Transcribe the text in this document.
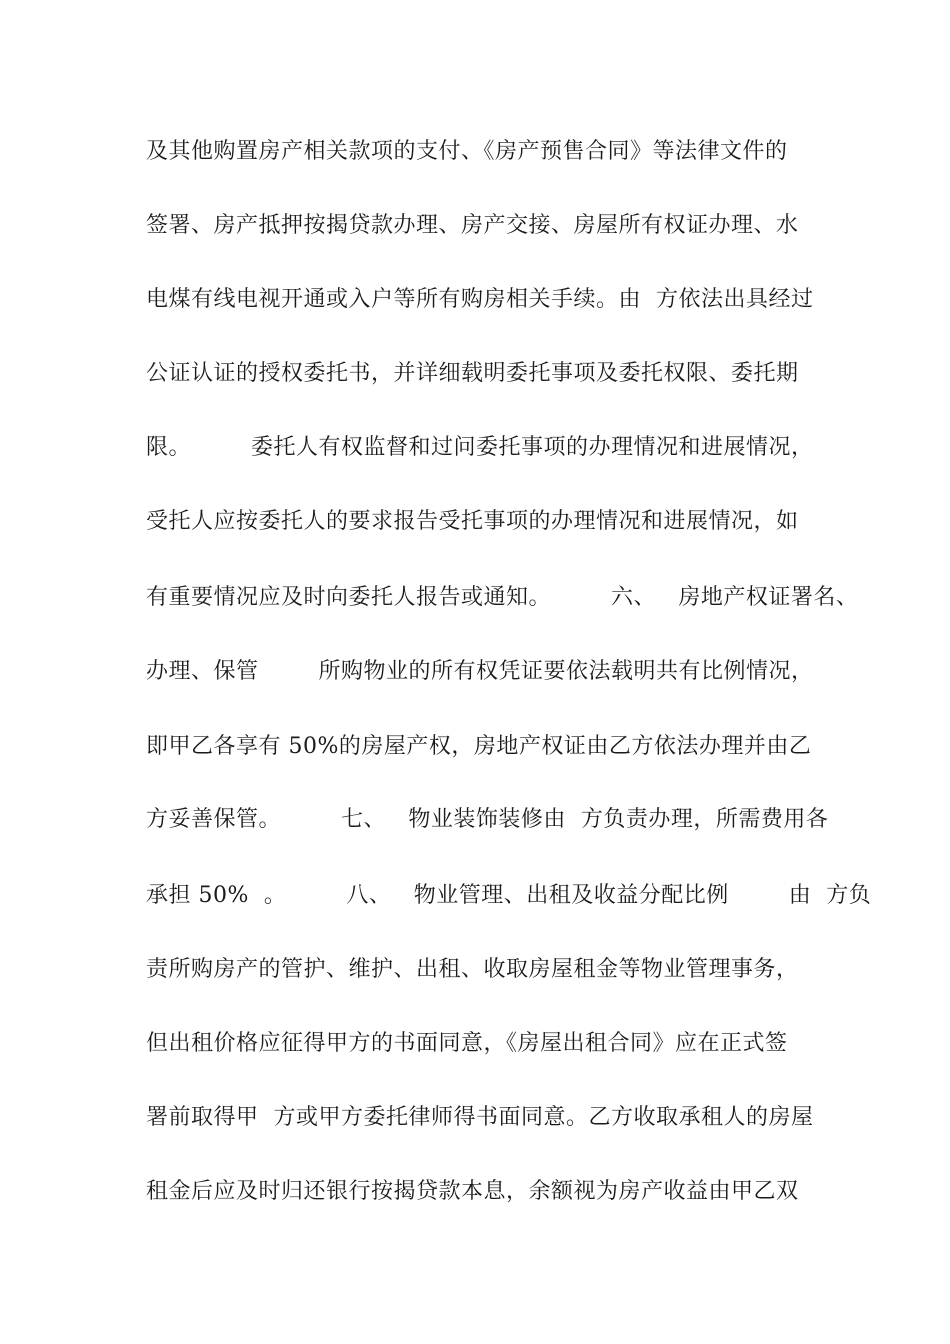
及其他购置房产相关款项的支付、《房产预售合同》等法律文件的
签署、房产抵押按揭贷款办理、房产交接、房屋所有权证办理、水
电煤有线电视开通或入户等所有购房相关手续。由  方依法出具经过
公证认证的授权委托书，并详细载明委托事项及委托权限、委托期
限。        委托人有权监督和过问委托事项的办理情况和进展情况，
受托人应按委托人的要求报告受托事项的办理情况和进展情况，如
有重要情况应及时向委托人报告或通知。        六、   房地产权证署名、
办理、保管        所购物业的所有权凭证要依法载明共有比例情况，
即甲乙各享有 50%的房屋产权，房地产权证由乙方依法办理并由乙
方妥善保管。        七、   物业装饰装修由  方负责办理，所需费用各
承担 50%  。        八、   物业管理、出租及收益分配比例        由  方负
责所购房产的管护、维护、出租、收取房屋租金等物业管理事务，
但出租价格应征得甲方的书面同意，《房屋出租合同》应在正式签
署前取得甲  方或甲方委托律师得书面同意。乙方收取承租人的房屋
租金后应及时归还银行按揭贷款本息，余额视为房产收益由甲乙双
